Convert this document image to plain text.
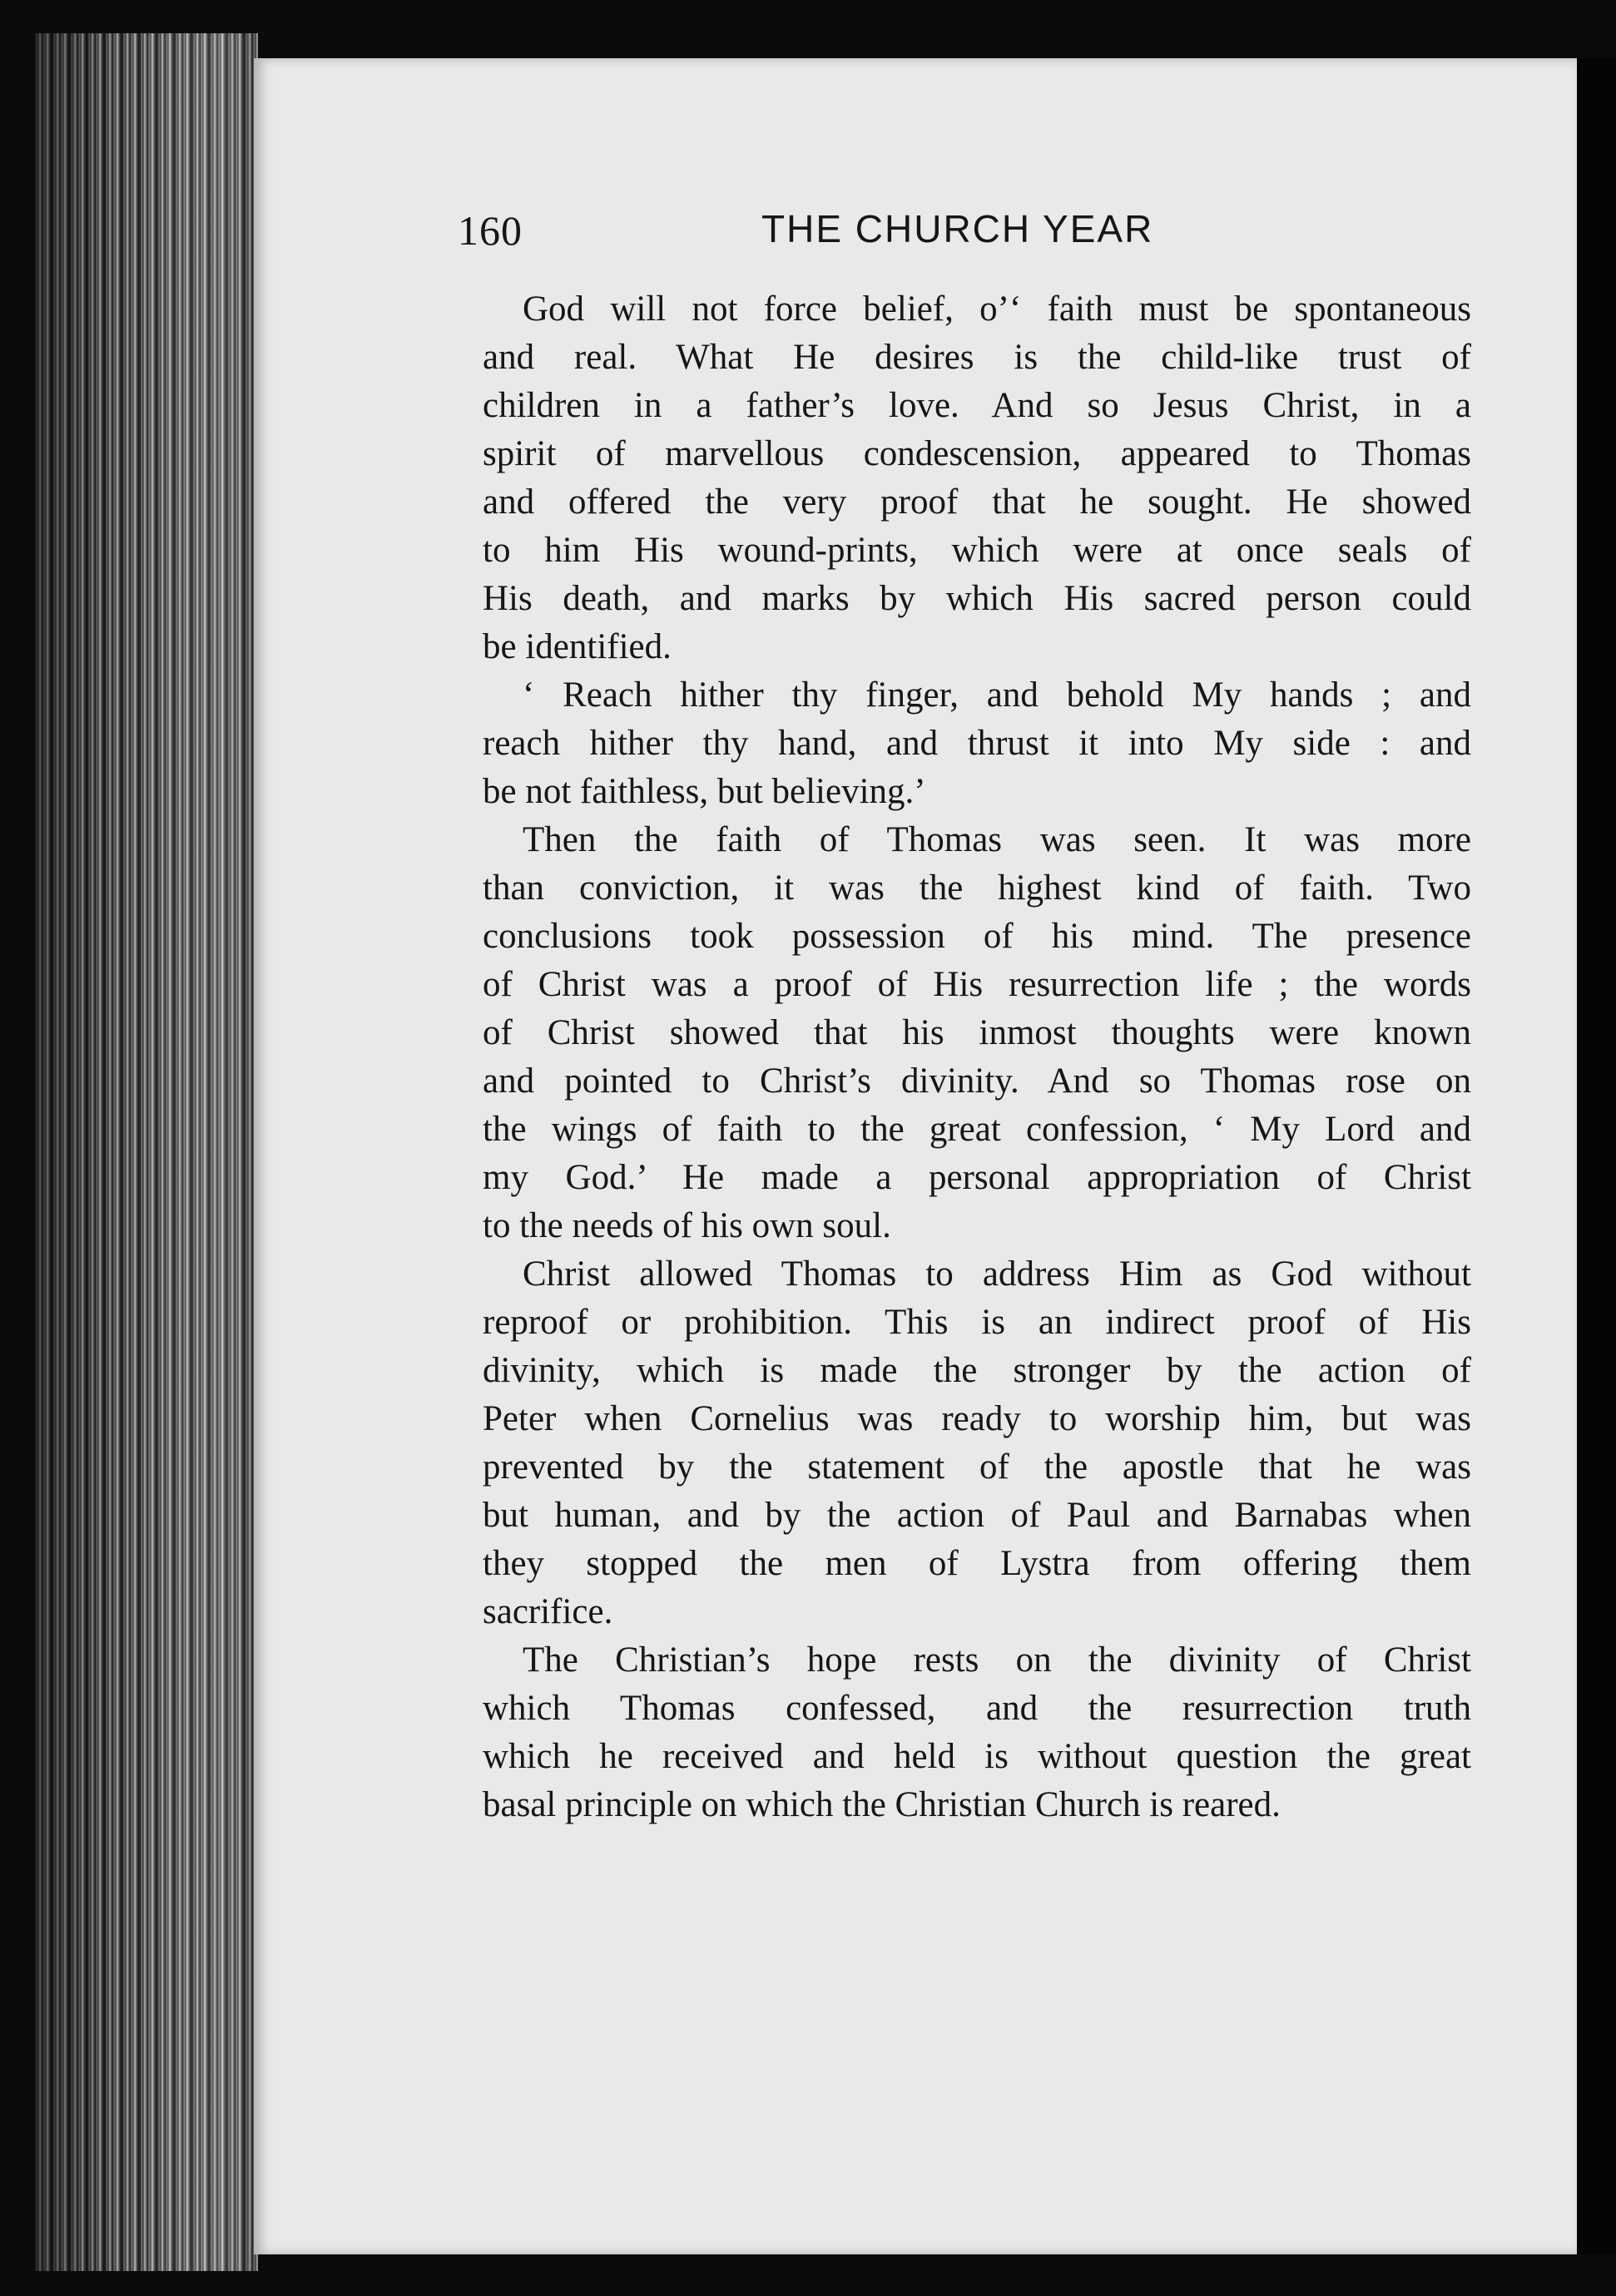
160	THE CHURCH YEAR

God will not force belief, o’ʻ faith must be spontaneous
and real. What He desires is the child-like trust of
children in a father’s love. And so Jesus Christ, in a
spirit of marvellous condescension, appeared to Thomas
and offered the very proof that he sought. He showed
to him His wound-prints, which were at once seals of
His death, and marks by which His sacred person could
be identified.

‘ Reach hither thy finger, and behold My hands ; and
reach hither thy hand, and thrust it into My side : and
be not faithless, but believing.’

Then the faith of Thomas was seen. It was more
than conviction, it was the highest kind of faith. Two
conclusions took possession of his mind. The presence
of Christ was a proof of His resurrection life ; the words
of Christ showed that his inmost thoughts were known
and pointed to Christ’s divinity. And so Thomas rose on
the wings of faith to the great confession, ‘ My Lord and
my God.’ He made a personal appropriation of Christ
to the needs of his own soul.

Christ allowed Thomas to address Him as God without
reproof or prohibition. This is an indirect proof of His
divinity, which is made the stronger by the action of
Peter when Cornelius was ready to worship him, but was
prevented by the statement of the apostle that he was
but human, and by the action of Paul and Barnabas when
they stopped the men of Lystra from offering them
sacrifice.

The Christian’s hope rests on the divinity of Christ
which Thomas confessed, and the resurrection truth
which he received and held is without question the great
basal principle on which the Christian Church is reared.
